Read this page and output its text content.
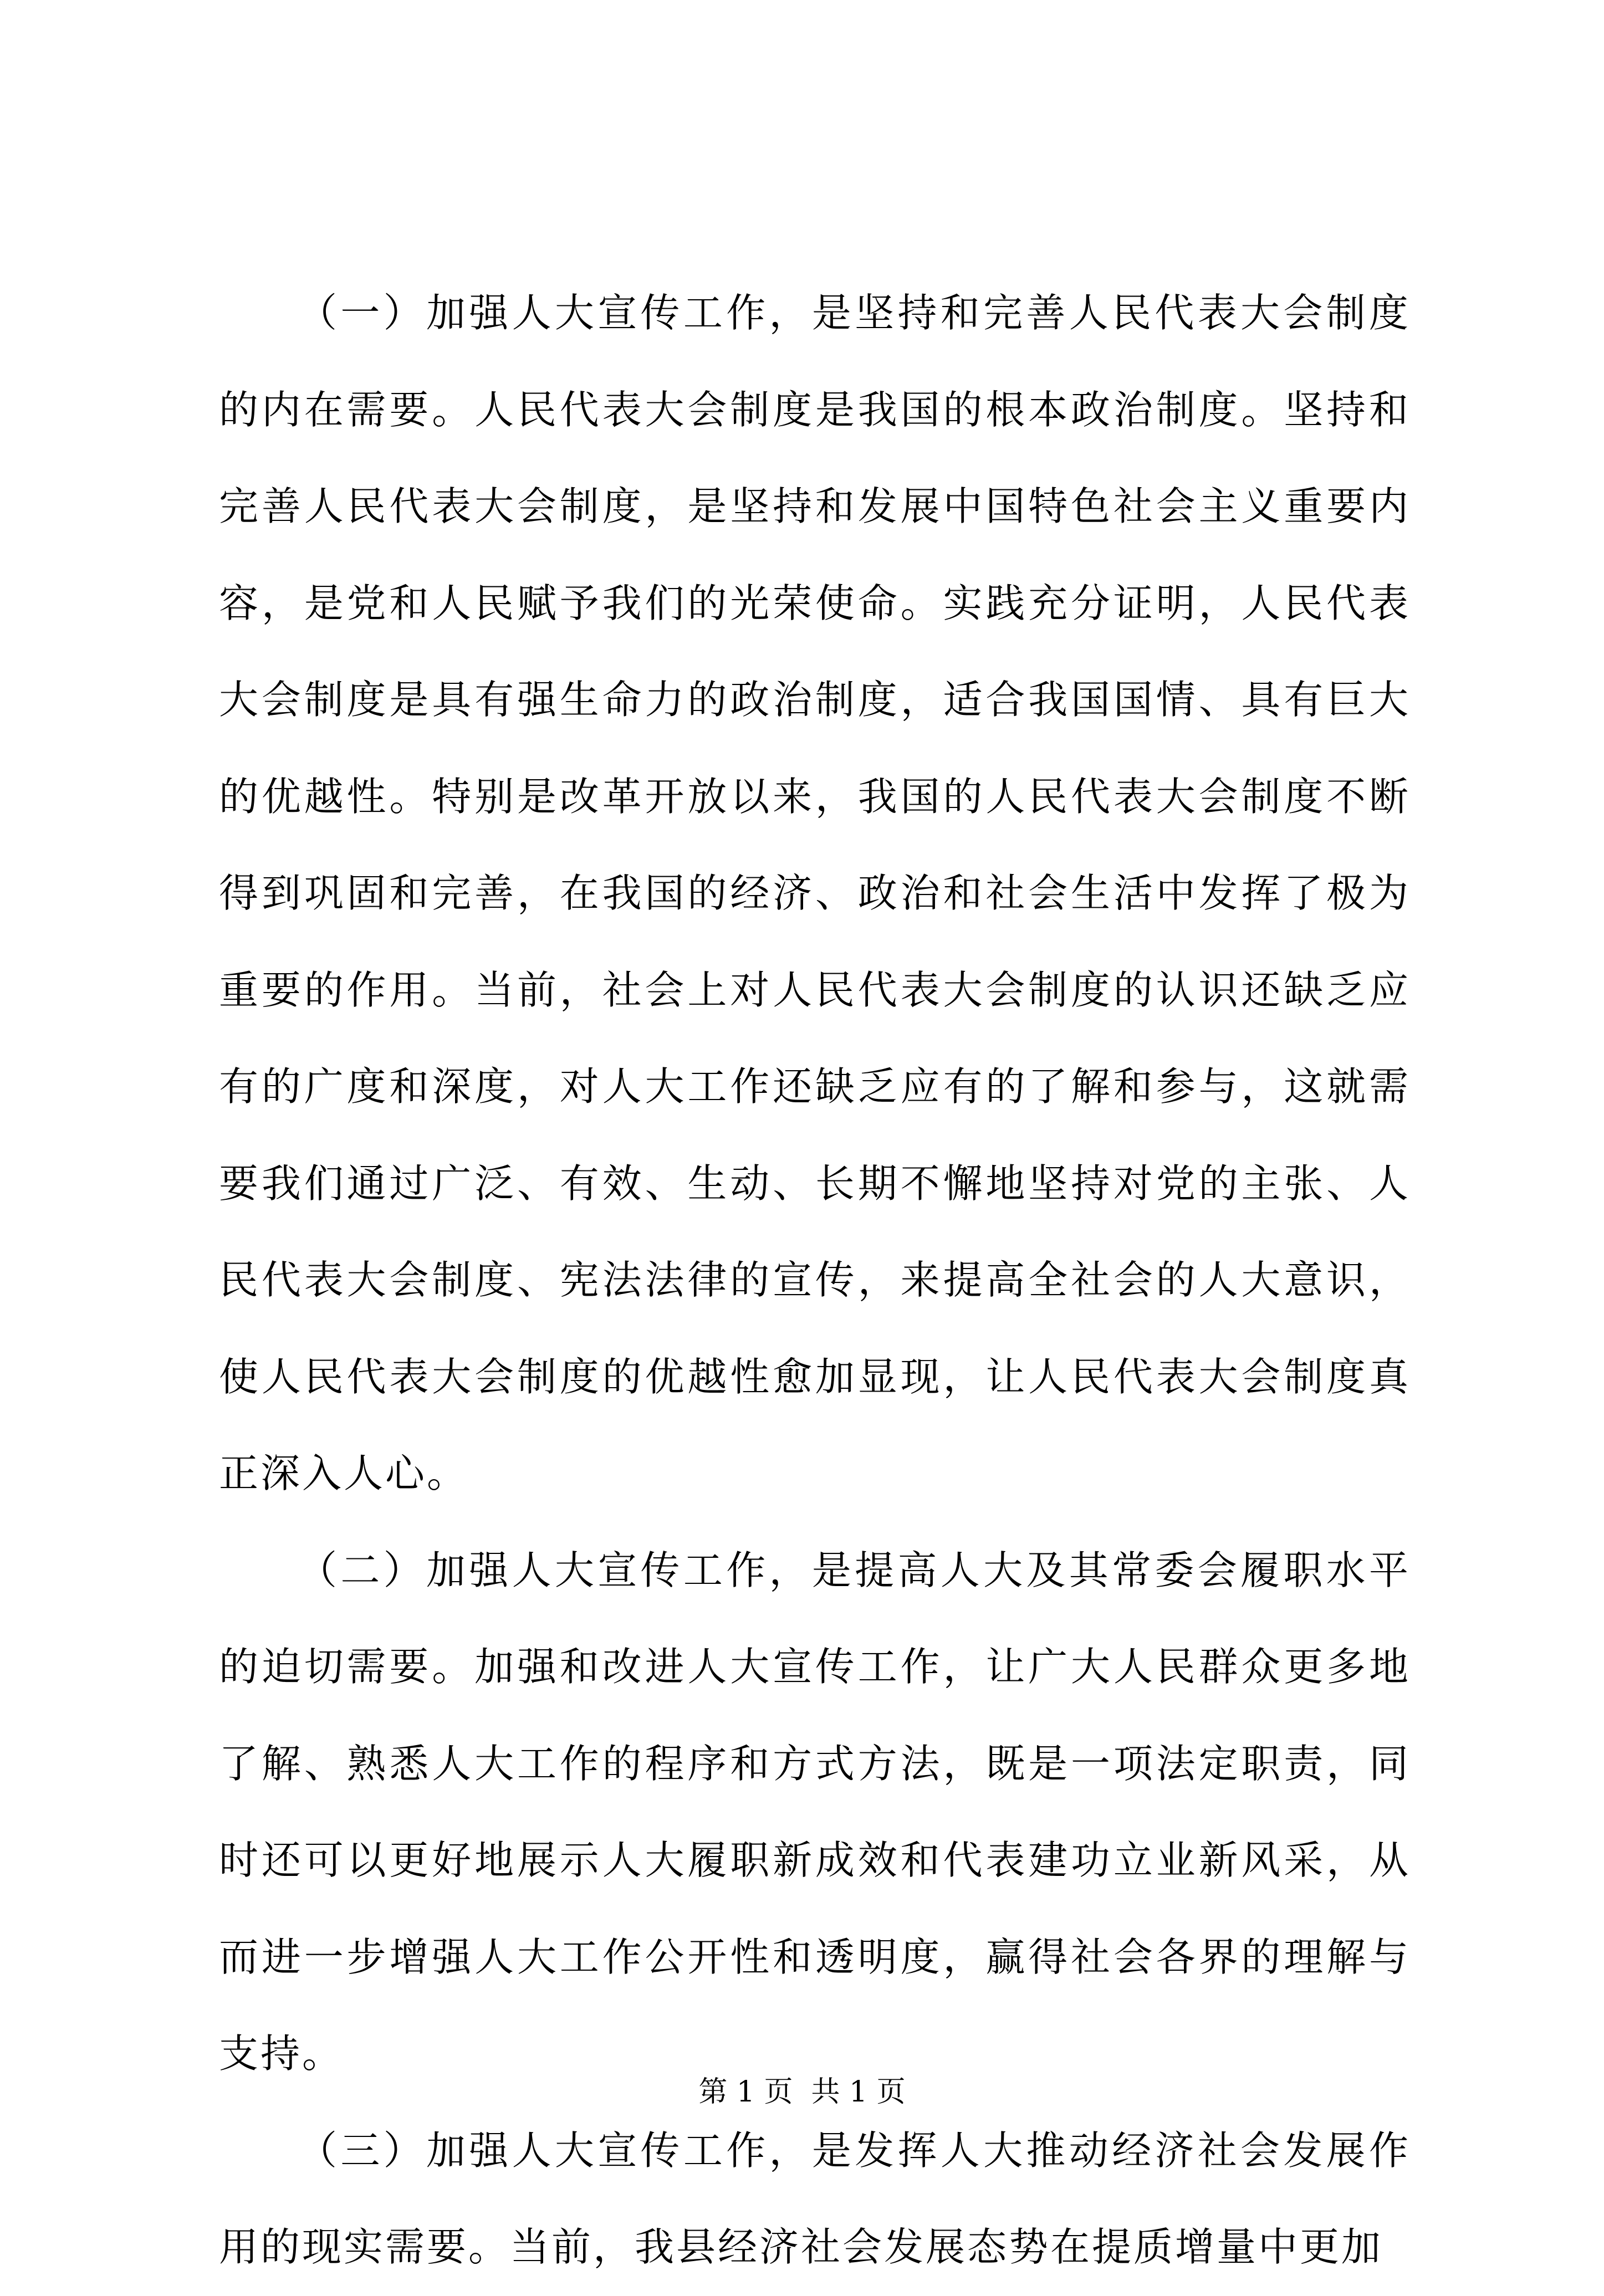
（一）加强人大宣传工作，是坚持和完善人民代表大会制度的内在需要。人民代表大会制度是我国的根本政治制度。坚持和完善人民代表大会制度，是坚持和发展中国特色社会主义重要内容，是党和人民赋予我们的光荣使命。实践充分证明，人民代表大会制度是具有强生命力的政治制度，适合我国国情、具有巨大的优越性。特别是改革开放以来，我国的人民代表大会制度不断得到巩固和完善，在我国的经济、政治和社会生活中发挥了极为重要的作用。当前，社会上对人民代表大会制度的认识还缺乏应有的广度和深度，对人大工作还缺乏应有的了解和参与，这就需要我们通过广泛、有效、生动、长期不懈地坚持对党的主张、人民代表大会制度、宪法法律的宣传，来提高全社会的人大意识，使人民代表大会制度的优越性愈加显现，让人民代表大会制度真正深入人心。

（二）加强人大宣传工作，是提高人大及其常委会履职水平的迫切需要。加强和改进人大宣传工作，让广大人民群众更多地了解、熟悉人大工作的程序和方式方法，既是一项法定职责，同时还可以更好地展示人大履职新成效和代表建功立业新风采，从而进一步增强人大工作公开性和透明度，赢得社会各界的理解与支持。

（三）加强人大宣传工作，是发挥人大推动经济社会发展作用的现实需要。当前，我县经济社会发展态势在提质增量中更加

第 1 页  共 1 页
